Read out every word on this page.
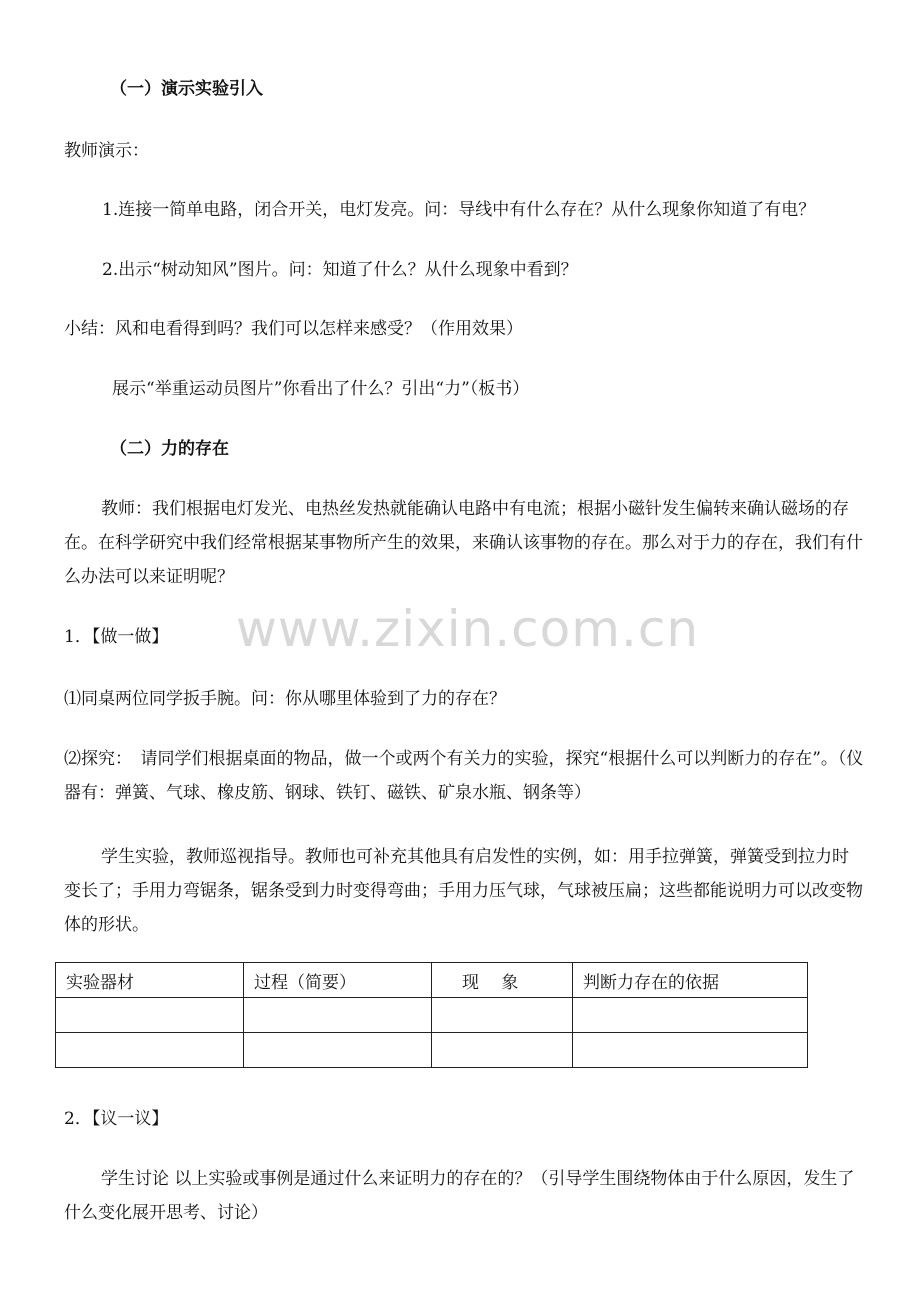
www.zixin.com.cn
（一）演示实验引入
教师演示：
1.连接一简单电路，闭合开关，电灯发亮。问：导线中有什么存在？从什么现象你知道了有电？
2.出示“树动知风”图片。问：知道了什么？从什么现象中看到？
小结：风和电看得到吗？我们可以怎样来感受？（作用效果）
展示“举重运动员图片”你看出了什么？引出“力”（板书）
（二）力的存在
教师：我们根据电灯发光、电热丝发热就能确认电路中有电流；根据小磁针发生偏转来确认磁场的存在。在科学研究中我们经常根据某事物所产生的效果，来确认该事物的存在。那么对于力的存在，我们有什么办法可以来证明呢？
1．【做一做】
⑴同桌两位同学扳手腕。问：你从哪里体验到了力的存在？
⑵探究：　请同学们根据桌面的物品，做一个或两个有关力的实验，探究“根据什么可以判断力的存在”。（仪器有：弹簧、气球、橡皮筋、钢球、铁钉、磁铁、矿泉水瓶、钢条等）
学生实验，教师巡视指导。教师也可补充其他具有启发性的实例，如：用手拉弹簧，弹簧受到拉力时变长了；手用力弯锯条，锯条受到力时变得弯曲；手用力压气球，气球被压扁；这些都能说明力可以改变物体的形状。
实验器材	过程（简要）	现　 象	判断力存在的依据

2．【议一议】
学生讨论 以上实验或事例是通过什么来证明力的存在的？（引导学生围绕物体由于什么原因，发生了什么变化展开思考、讨论）
